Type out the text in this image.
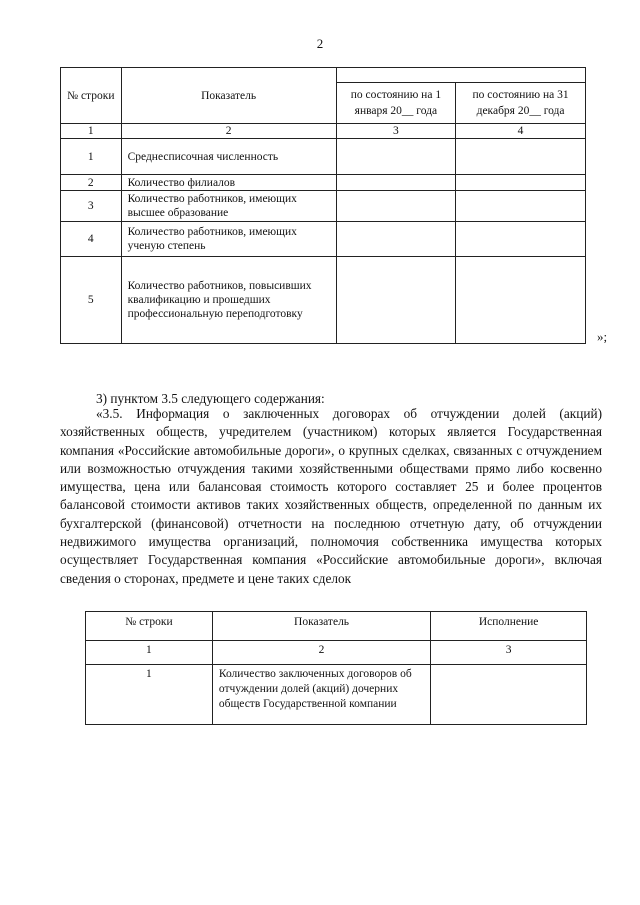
2
№ строки	Показатель		
		по состоянию на 1 января 20__ года	по состоянию на 31 декабря 20__ года
1	2	3	4
1	Среднесписочная численность		
2	Количество филиалов		
3	Количество работников, имеющих высшее образование		
4	Количество работников, имеющих ученую степень		
5	Количество работников, повысивших квалификацию и прошедших профессиональную переподготовку		
»;

3) пунктом 3.5 следующего содержания:

«3.5. Информация о заключенных договорах об отчуждении долей (акций) хозяйственных обществ, учредителем (участником) которых является Государственная компания «Российские автомобильные дороги», о крупных сделках, связанных с отчуждением или возможностью отчуждения такими хозяйственными обществами прямо либо косвенно имущества, цена или балансовая стоимость которого составляет 25 и более процентов балансовой стоимости активов таких хозяйственных обществ, определенной по данным их бухгалтерской (финансовой) отчетности на последнюю отчетную дату, об отчуждении недвижимого имущества организаций, полномочия собственника имущества которых осуществляет Государственная компания «Российские автомобильные дороги», включая сведения о сторонах, предмете и цене таких сделок

№ строки	Показатель	Исполнение
1	2	3
1	Количество заключенных договоров об отчуждении долей (акций) дочерних обществ Государственной компании	
